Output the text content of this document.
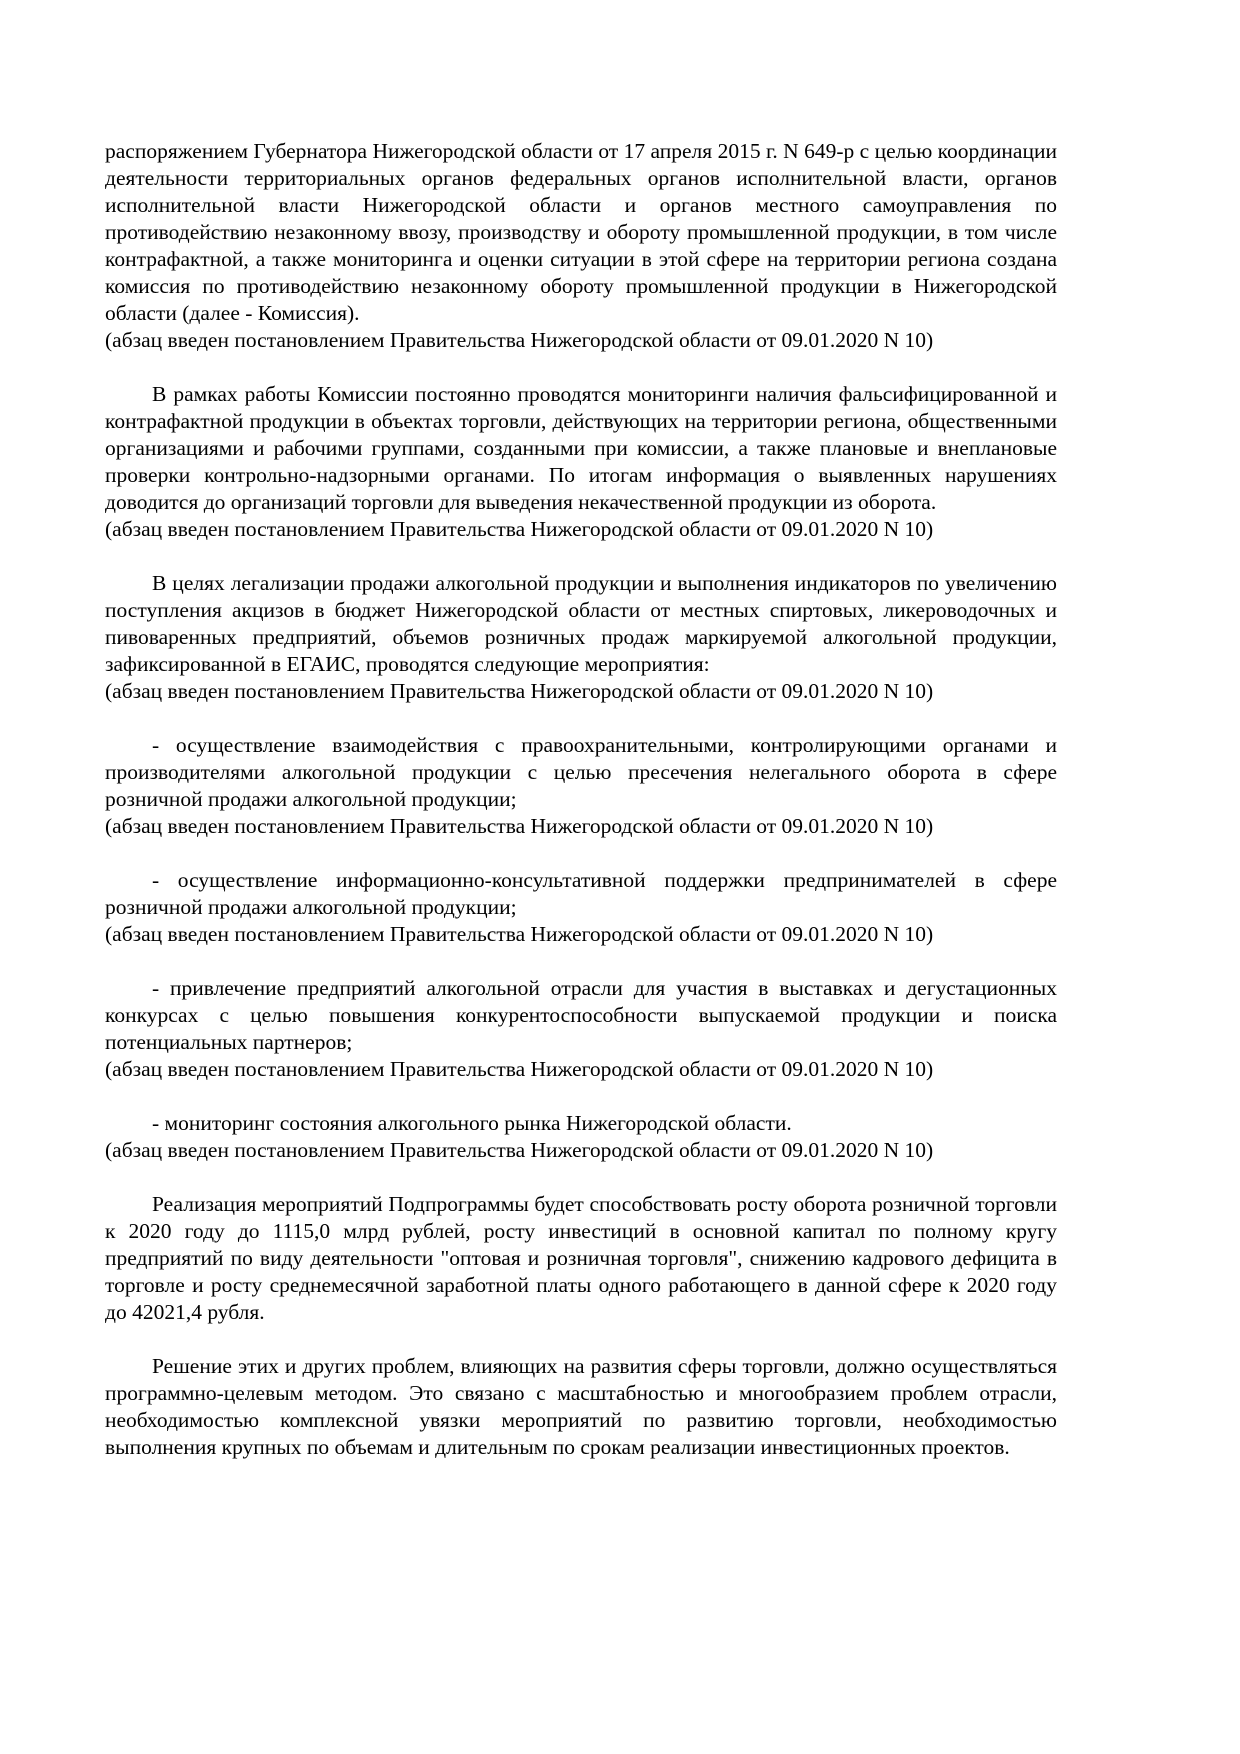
распоряжением Губернатора Нижегородской области от 17 апреля 2015 г. N 649-р с целью координации деятельности территориальных органов федеральных органов исполнительной власти, органов исполнительной власти Нижегородской области и органов местного самоуправления по противодействию незаконному ввозу, производству и обороту промышленной продукции, в том числе контрафактной, а также мониторинга и оценки ситуации в этой сфере на территории региона создана комиссия по противодействию незаконному обороту промышленной продукции в Нижегородской области (далее - Комиссия).

(абзац введен постановлением Правительства Нижегородской области от 09.01.2020 N 10)

В рамках работы Комиссии постоянно проводятся мониторинги наличия фальсифицированной и контрафактной продукции в объектах торговли, действующих на территории региона, общественными организациями и рабочими группами, созданными при комиссии, а также плановые и внеплановые проверки контрольно-надзорными органами. По итогам информация о выявленных нарушениях доводится до организаций торговли для выведения некачественной продукции из оборота.

(абзац введен постановлением Правительства Нижегородской области от 09.01.2020 N 10)

В целях легализации продажи алкогольной продукции и выполнения индикаторов по увеличению поступления акцизов в бюджет Нижегородской области от местных спиртовых, ликероводочных и пивоваренных предприятий, объемов розничных продаж маркируемой алкогольной продукции, зафиксированной в ЕГАИС, проводятся следующие мероприятия:

(абзац введен постановлением Правительства Нижегородской области от 09.01.2020 N 10)

- осуществление взаимодействия с правоохранительными, контролирующими органами и производителями алкогольной продукции с целью пресечения нелегального оборота в сфере розничной продажи алкогольной продукции;

(абзац введен постановлением Правительства Нижегородской области от 09.01.2020 N 10)

- осуществление информационно-консультативной поддержки предпринимателей в сфере розничной продажи алкогольной продукции;

(абзац введен постановлением Правительства Нижегородской области от 09.01.2020 N 10)

- привлечение предприятий алкогольной отрасли для участия в выставках и дегустационных конкурсах с целью повышения конкурентоспособности выпускаемой продукции и поиска потенциальных партнеров;

(абзац введен постановлением Правительства Нижегородской области от 09.01.2020 N 10)

- мониторинг состояния алкогольного рынка Нижегородской области.

(абзац введен постановлением Правительства Нижегородской области от 09.01.2020 N 10)

Реализация мероприятий Подпрограммы будет способствовать росту оборота розничной торговли к 2020 году до 1115,0 млрд рублей, росту инвестиций в основной капитал по полному кругу предприятий по виду деятельности "оптовая и розничная торговля", снижению кадрового дефицита в торговле и росту среднемесячной заработной платы одного работающего в данной сфере к 2020 году до 42021,4 рубля.

Решение этих и других проблем, влияющих на развития сферы торговли, должно осуществляться программно-целевым методом. Это связано с масштабностью и многообразием проблем отрасли, необходимостью комплексной увязки мероприятий по развитию торговли, необходимостью выполнения крупных по объемам и длительным по срокам реализации инвестиционных проектов.
